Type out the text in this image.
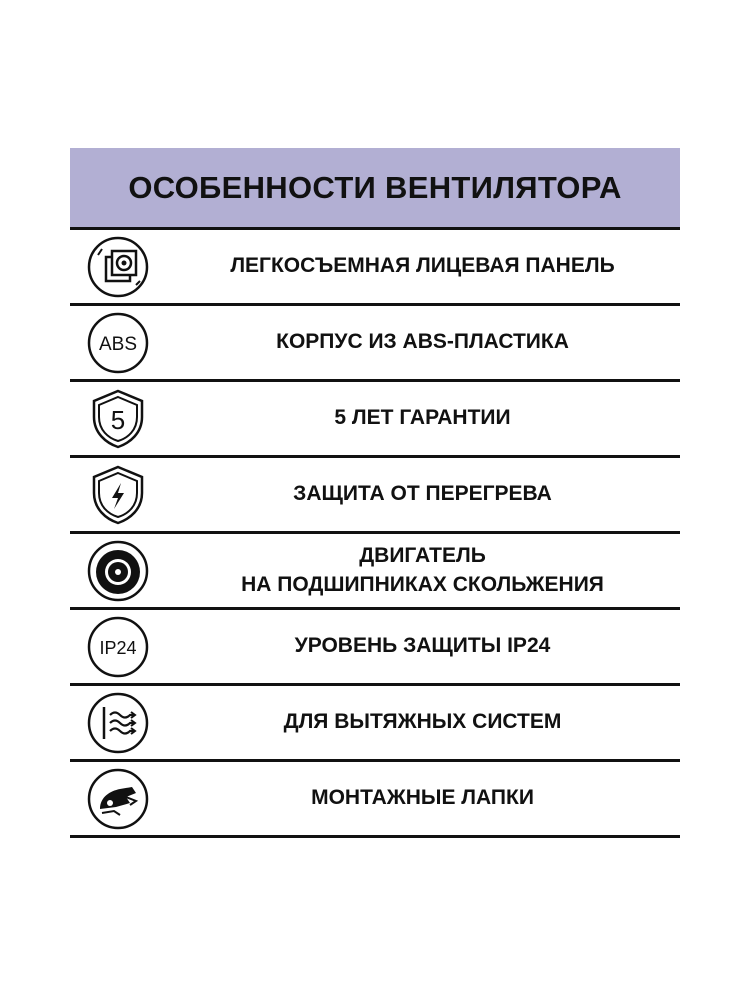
ОСОБЕННОСТИ ВЕНТИЛЯТОРА
ЛЕГКОСЪЕМНАЯ ЛИЦЕВАЯ ПАНЕЛЬ
ABS	КОРПУС ИЗ ABS-ПЛАСТИКА
5	5 ЛЕТ ГАРАНТИИ
ЗАЩИТА ОТ ПЕРЕГРЕВА
ДВИГАТЕЛЬ
НА ПОДШИПНИКАХ СКОЛЬЖЕНИЯ
IP24	УРОВЕНЬ ЗАЩИТЫ IP24
ДЛЯ ВЫТЯЖНЫХ СИСТЕМ
МОНТАЖНЫЕ ЛАПКИ
